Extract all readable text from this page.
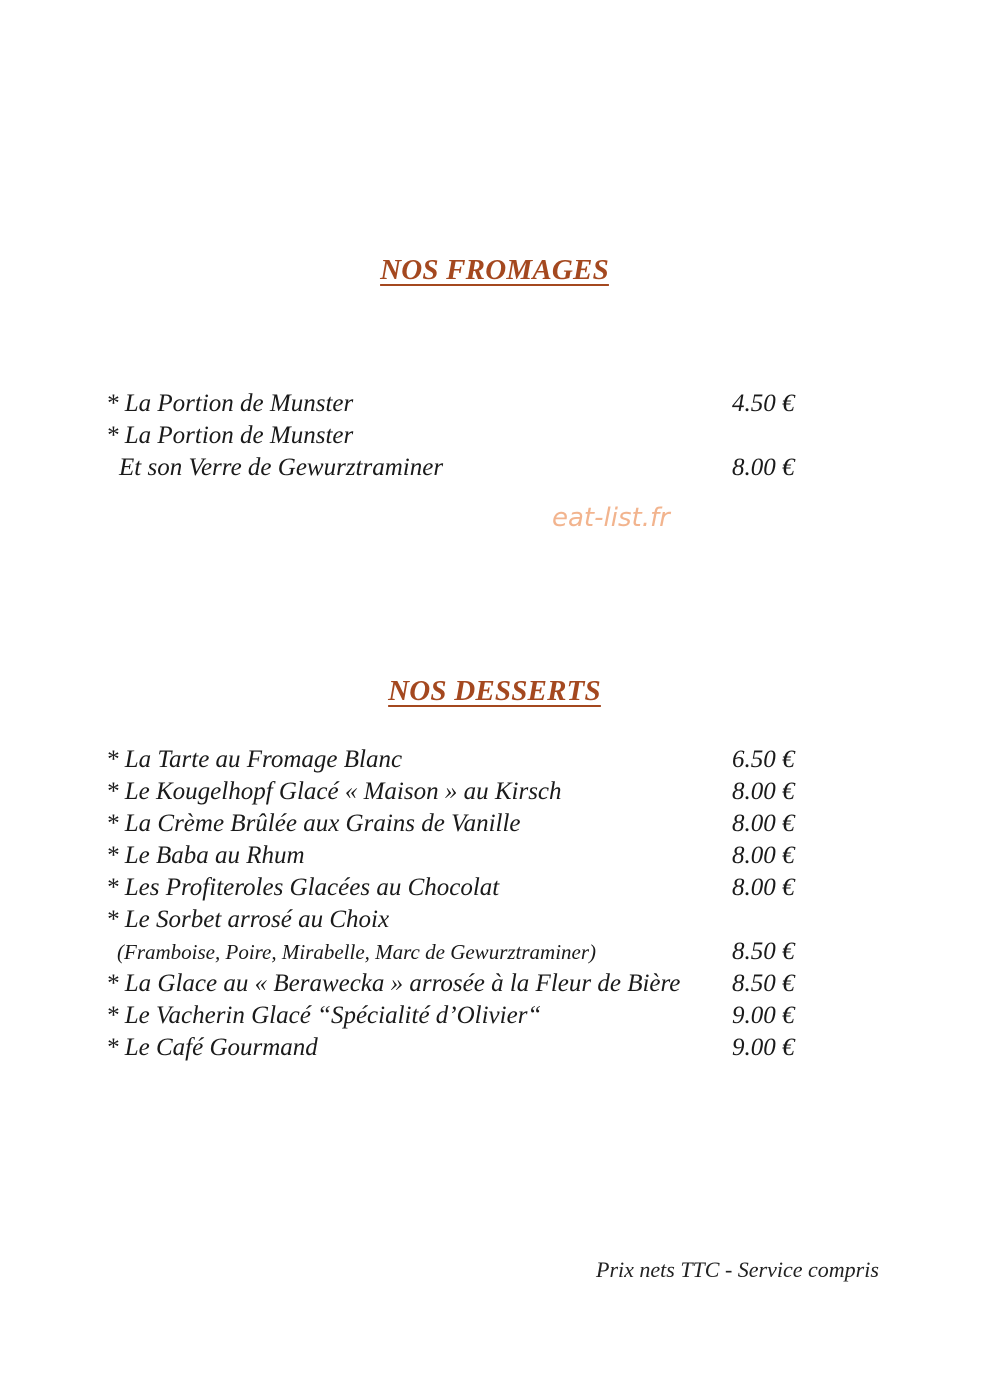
NOS FROMAGES
* La Portion de Munster	4.50 €
* La Portion de Munster
Et son Verre de Gewurztraminer	8.00 €
eat-list.fr
NOS DESSERTS
* La Tarte au Fromage Blanc	6.50 €
* Le Kougelhopf Glacé « Maison » au Kirsch	8.00 €
* La Crème Brûlée aux Grains de Vanille	8.00 €
* Le Baba au Rhum	8.00 €
* Les Profiteroles Glacées au Chocolat	8.00 €
* Le Sorbet arrosé au Choix
(Framboise, Poire, Mirabelle, Marc de Gewurztraminer)	8.50 €
* La Glace au « Berawecka » arrosée à la Fleur de Bière 8.50 €
* Le Vacherin Glacé “Spécialité d’Olivier“	9.00 €
* Le Café Gourmand	9.00 €
Prix nets TTC - Service compris
